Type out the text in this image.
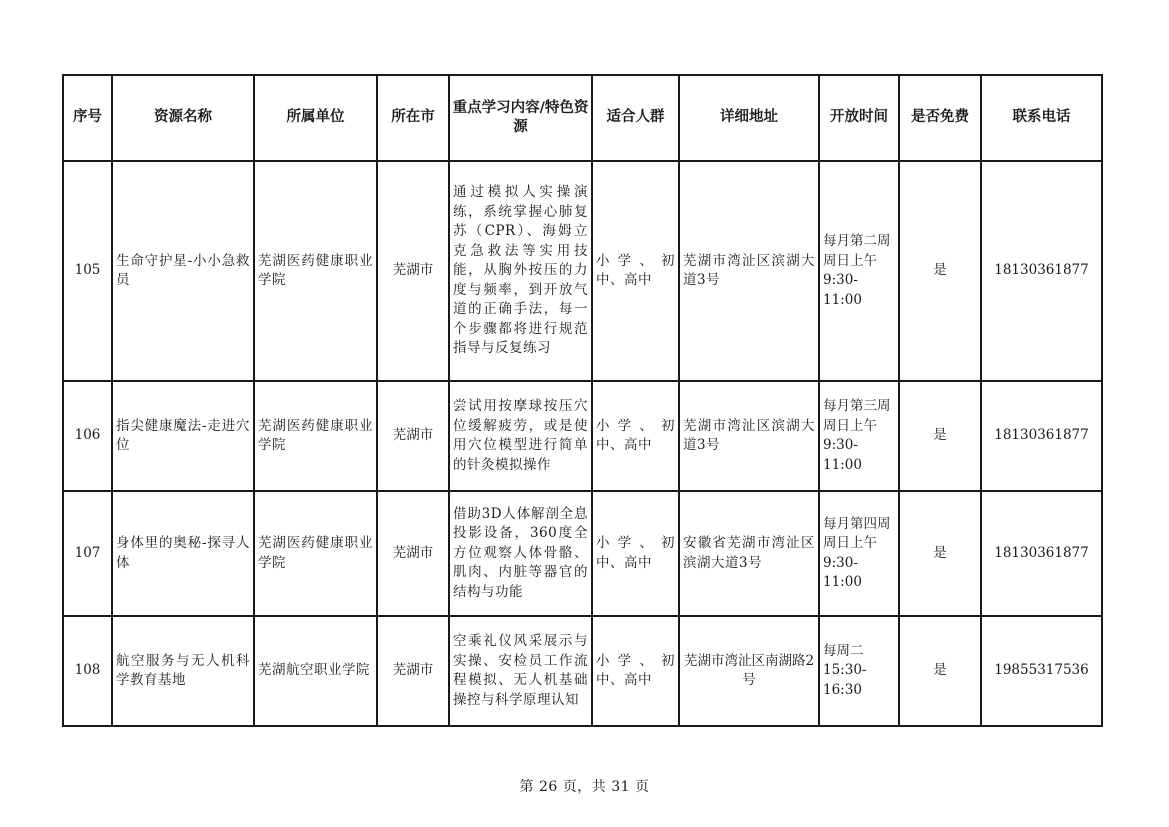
序号	资源名称	所属单位	所在市	重点学习内容/特色资源	适合人群	详细地址	开放时间	是否免费	联系电话
105	生命守护星-小小急救员	芜湖医药健康职业学院	芜湖市	通过模拟人实操演练，系统掌握心肺复苏（CPR）、海姆立克急救法等实用技能，从胸外按压的力度与频率，到开放气道的正确手法，每一个步骤都将进行规范指导与反复练习	小学、初中、高中	芜湖市湾沚区滨湖大道3号	每月第二周周日上午 9:30-11:00	是	18130361877
106	指尖健康魔法-走进穴位	芜湖医药健康职业学院	芜湖市	尝试用按摩球按压穴位缓解疲劳，或是使用穴位模型进行简单的针灸模拟操作	小学、初中、高中	芜湖市湾沚区滨湖大道3号	每月第三周周日上午 9:30-11:00	是	18130361877
107	身体里的奥秘-探寻人体	芜湖医药健康职业学院	芜湖市	借助3D人体解剖全息投影设备，360度全方位观察人体骨骼、肌肉、内脏等器官的结构与功能	小学、初中、高中	安徽省芜湖市湾沚区滨湖大道3号	每月第四周周日上午 9:30-11:00	是	18130361877
108	航空服务与无人机科学教育基地	芜湖航空职业学院	芜湖市	空乘礼仪风采展示与实操、安检员工作流程模拟、无人机基础操控与科学原理认知	小学、初中、高中	芜湖市湾沚区南湖路2号	每周二 15:30-16:30	是	19855317536
第 26 页，共 31 页
